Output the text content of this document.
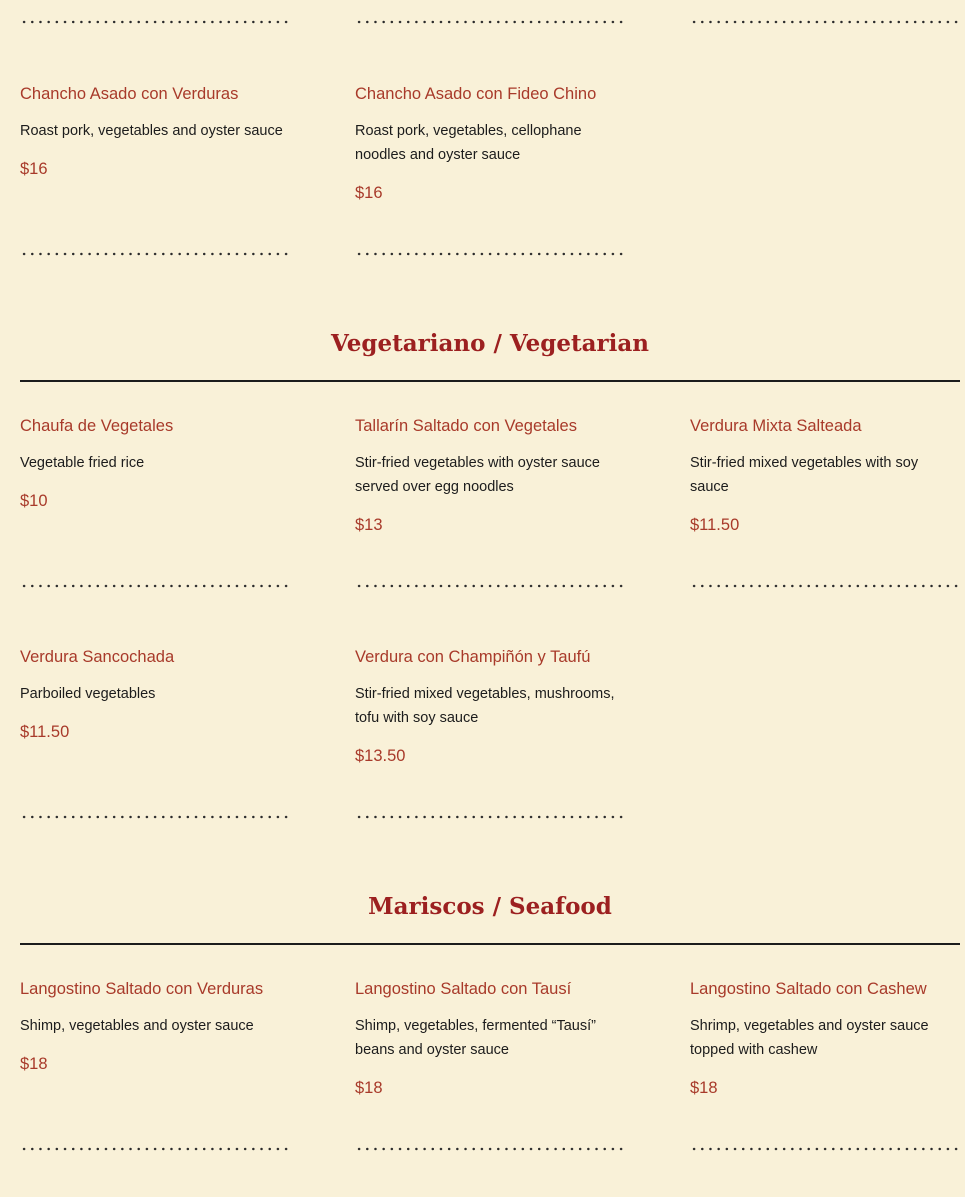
Chancho Asado con Verduras

Roast pork, vegetables and oyster sauce

$16

Chancho Asado con Fideo Chino

Roast pork, vegetables, cellophane noodles and oyster sauce

$16

Vegetariano / Vegetarian

Chaufa de Vegetales

Vegetable fried rice

$10

Tallarín Saltado con Vegetales

Stir-fried vegetables with oyster sauce served over egg noodles

$13

Verdura Mixta Salteada

Stir-fried mixed vegetables with soy sauce

$11.50

Verdura Sancochada

Parboiled vegetables

$11.50

Verdura con Champiñón y Taufú

Stir-fried mixed vegetables, mushrooms, tofu with soy sauce

$13.50

Mariscos / Seafood

Langostino Saltado con Verduras

Shimp, vegetables and oyster sauce

$18

Langostino Saltado con Tausí

Shimp, vegetables, fermented “Tausí” beans and oyster sauce

$18

Langostino Saltado con Cashew

Shrimp, vegetables and oyster sauce topped with cashew

$18
